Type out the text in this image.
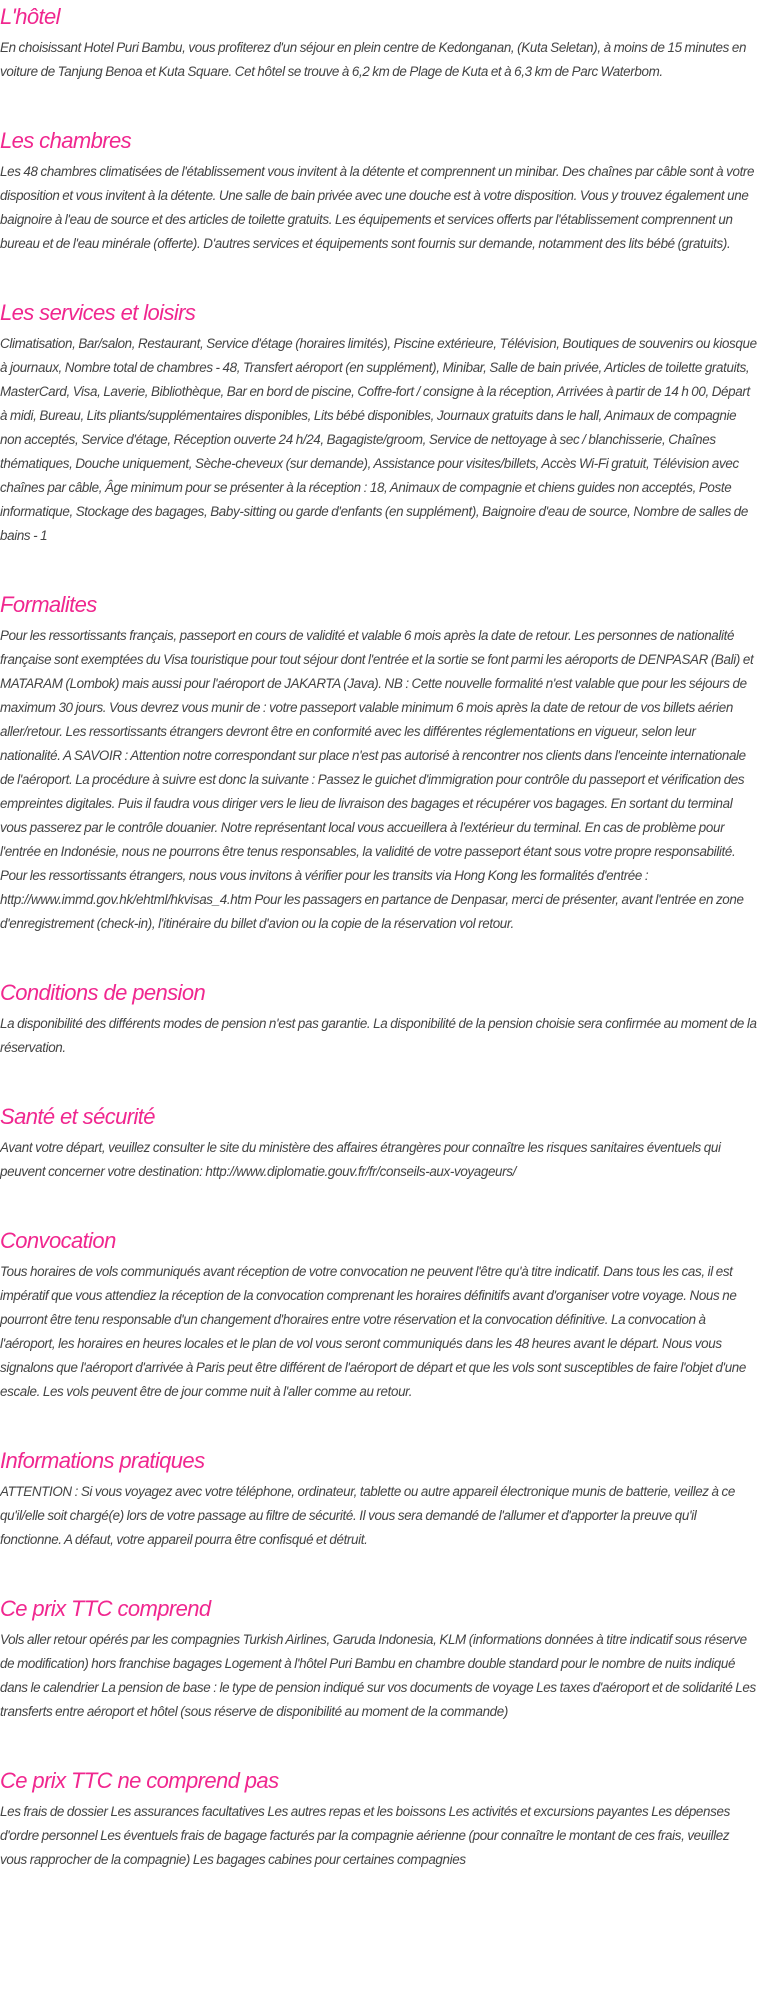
L'hôtel

En choisissant Hotel Puri Bambu, vous profiterez d'un séjour en plein centre de Kedonganan, (Kuta Seletan), à moins de 15 minutes en voiture de Tanjung Benoa et Kuta Square. Cet hôtel se trouve à 6,2 km de Plage de Kuta et à 6,3 km de Parc Waterbom.

Les chambres

Les 48 chambres climatisées de l'établissement vous invitent à la détente et comprennent un minibar. Des chaînes par câble sont à votre disposition et vous invitent à la détente. Une salle de bain privée avec une douche est à votre disposition. Vous y trouvez également une baignoire à l'eau de source et des articles de toilette gratuits. Les équipements et services offerts par l'établissement comprennent un bureau et de l'eau minérale (offerte). D'autres services et équipements sont fournis sur demande, notamment des lits bébé (gratuits).

Les services et loisirs

Climatisation, Bar/salon, Restaurant, Service d'étage (horaires limités), Piscine extérieure, Télévision, Boutiques de souvenirs ou kiosque à journaux, Nombre total de chambres - 48, Transfert aéroport (en supplément), Minibar, Salle de bain privée, Articles de toilette gratuits, MasterCard, Visa, Laverie, Bibliothèque, Bar en bord de piscine, Coffre-fort / consigne à la réception, Arrivées à partir de 14 h 00, Départ à midi, Bureau, Lits pliants/supplémentaires disponibles, Lits bébé disponibles, Journaux gratuits dans le hall, Animaux de compagnie non acceptés, Service d'étage, Réception ouverte 24 h/24, Bagagiste/groom, Service de nettoyage à sec / blanchisserie, Chaînes thématiques, Douche uniquement, Sèche-cheveux (sur demande), Assistance pour visites/billets, Accès Wi-Fi gratuit, Télévision avec chaînes par câble, Âge minimum pour se présenter à la réception : 18, Animaux de compagnie et chiens guides non acceptés, Poste informatique, Stockage des bagages, Baby-sitting ou garde d'enfants (en supplément), Baignoire d'eau de source, Nombre de salles de bains - 1

Formalites

Pour les ressortissants français, passeport en cours de validité et valable 6 mois après la date de retour. Les personnes de nationalité française sont exemptées du Visa touristique pour tout séjour dont l'entrée et la sortie se font parmi les aéroports de DENPASAR (Bali) et MATARAM (Lombok) mais aussi pour l'aéroport de JAKARTA (Java). NB : Cette nouvelle formalité n'est valable que pour les séjours de maximum 30 jours. Vous devrez vous munir de : votre passeport valable minimum 6 mois après la date de retour de vos billets aérien aller/retour. Les ressortissants étrangers devront être en conformité avec les différentes réglementations en vigueur, selon leur nationalité. A SAVOIR : Attention notre correspondant sur place n'est pas autorisé à rencontrer nos clients dans l'enceinte internationale de l'aéroport. La procédure à suivre est donc la suivante : Passez le guichet d'immigration pour contrôle du passeport et vérification des empreintes digitales. Puis il faudra vous diriger vers le lieu de livraison des bagages et récupérer vos bagages. En sortant du terminal vous passerez par le contrôle douanier. Notre représentant local vous accueillera à l'extérieur du terminal. En cas de problème pour l'entrée en Indonésie, nous ne pourrons être tenus responsables, la validité de votre passeport étant sous votre propre responsabilité. Pour les ressortissants étrangers, nous vous invitons à vérifier pour les transits via Hong Kong les formalités d'entrée : http://www.immd.gov.hk/ehtml/hkvisas_4.htm Pour les passagers en partance de Denpasar, merci de présenter, avant l'entrée en zone d'enregistrement (check-in), l'itinéraire du billet d'avion ou la copie de la réservation vol retour.

Conditions de pension

La disponibilité des différents modes de pension n'est pas garantie. La disponibilité de la pension choisie sera confirmée au moment de la réservation.

Santé et sécurité

Avant votre départ, veuillez consulter le site du ministère des affaires étrangères pour connaître les risques sanitaires éventuels qui peuvent concerner votre destination: http://www.diplomatie.gouv.fr/fr/conseils-aux-voyageurs/

Convocation

Tous horaires de vols communiqués avant réception de votre convocation ne peuvent l'être qu'à titre indicatif. Dans tous les cas, il est impératif que vous attendiez la réception de la convocation comprenant les horaires définitifs avant d'organiser votre voyage. Nous ne pourront être tenu responsable d'un changement d'horaires entre votre réservation et la convocation définitive. La convocation à l'aéroport, les horaires en heures locales et le plan de vol vous seront communiqués dans les 48 heures avant le départ. Nous vous signalons que l'aéroport d'arrivée à Paris peut être différent de l'aéroport de départ et que les vols sont susceptibles de faire l'objet d'une escale. Les vols peuvent être de jour comme nuit à l'aller comme au retour.

Informations pratiques

ATTENTION : Si vous voyagez avec votre téléphone, ordinateur, tablette ou autre appareil électronique munis de batterie, veillez à ce qu'il/elle soit chargé(e) lors de votre passage au filtre de sécurité. Il vous sera demandé de l'allumer et d'apporter la preuve qu'il fonctionne. A défaut, votre appareil pourra être confisqué et détruit.

Ce prix TTC comprend

Vols aller retour opérés par les compagnies Turkish Airlines, Garuda Indonesia, KLM (informations données à titre indicatif sous réserve de modification) hors franchise bagages Logement à l'hôtel Puri Bambu en chambre double standard pour le nombre de nuits indiqué dans le calendrier La pension de base : le type de pension indiqué sur vos documents de voyage Les taxes d'aéroport et de solidarité Les transferts entre aéroport et hôtel (sous réserve de disponibilité au moment de la commande)

Ce prix TTC ne comprend pas

Les frais de dossier Les assurances facultatives Les autres repas et les boissons Les activités et excursions payantes Les dépenses d'ordre personnel Les éventuels frais de bagage facturés par la compagnie aérienne (pour connaître le montant de ces frais, veuillez vous rapprocher de la compagnie) Les bagages cabines pour certaines compagnies
